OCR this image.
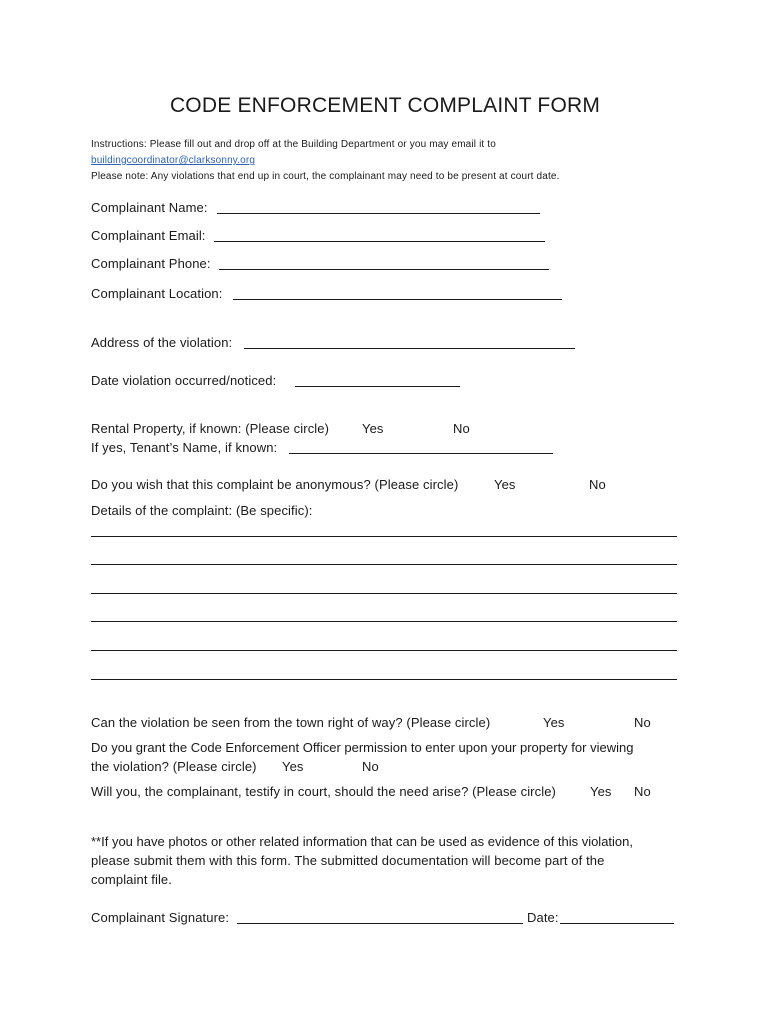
CODE ENFORCEMENT COMPLAINT FORM
Instructions: Please fill out and drop off at the Building Department or you may email it to
buildingcoordinator@clarksonny.org
Please note: Any violations that end up in court, the complainant may need to be present at court date.
Complainant Name:
Complainant Email:
Complainant Phone:
Complainant Location:
Address of the violation:
Date violation occurred/noticed:
Rental Property, if known: (Please circle)	Yes	No
If yes, Tenant’s Name, if known:
Do you wish that this complaint be anonymous? (Please circle)	Yes	No
Details of the complaint: (Be specific):
Can the violation be seen from the town right of way? (Please circle)	Yes	No
Do you grant the Code Enforcement Officer permission to enter upon your property for viewing
the violation? (Please circle) Yes	No
Will you, the complainant, testify in court, should the need arise? (Please circle)	Yes No
**If you have photos or other related information that can be used as evidence of this violation,
please submit them with this form. The submitted documentation will become part of the
complaint file.
Complainant Signature:	Date:
